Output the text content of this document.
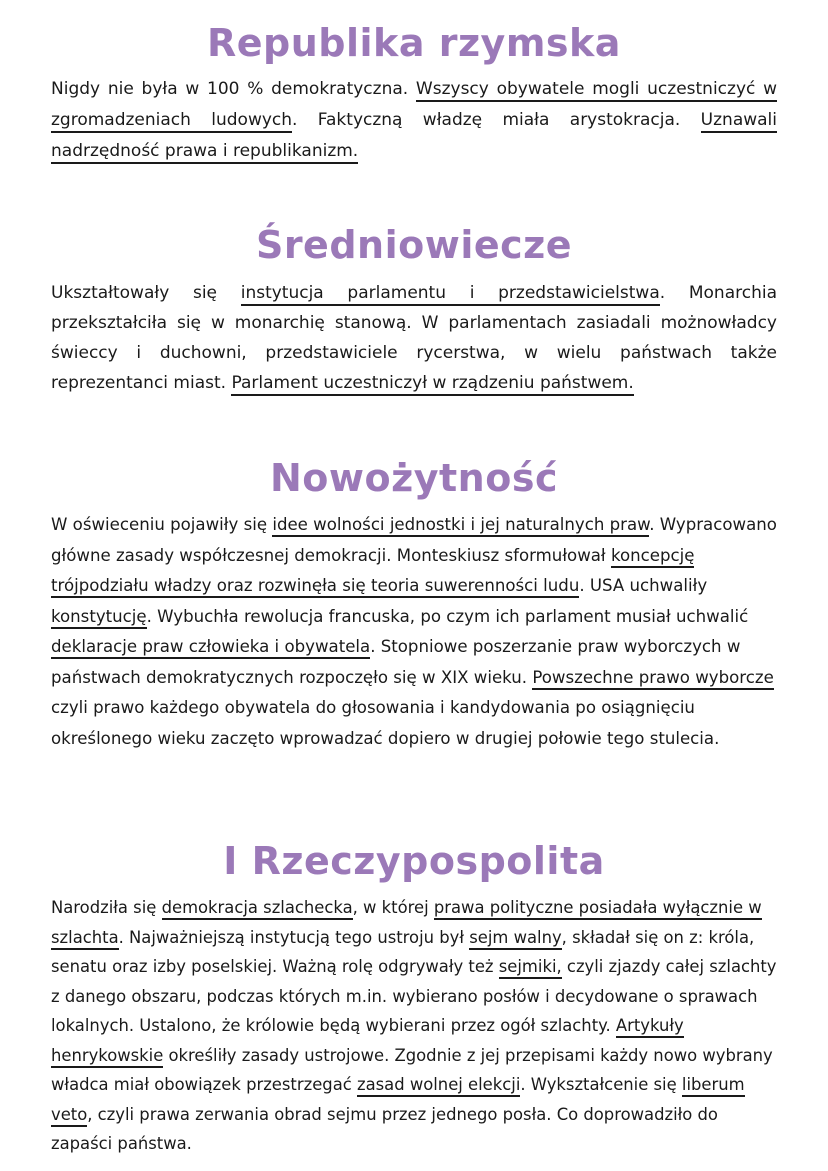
Republika rzymska

Nigdy nie była w 100 % demokratyczna. Wszyscy obywatele mogli uczestniczyć w zgromadzeniach ludowych. Faktyczną władzę miała arystokracja. Uznawali nadrzędność prawa i republikanizm.

Średniowiecze

Ukształtowały się instytucja parlamentu i przedstawicielstwa. Monarchia przekształciła się w monarchię stanową. W parlamentach zasiadali możnowładcy świeccy i duchowni, przedstawiciele rycerstwa, w wielu państwach także reprezentanci miast. Parlament uczestniczył w rządzeniu państwem.

Nowożytność

W oświeceniu pojawiły się idee wolności jednostki i jej naturalnych praw. Wypracowano główne zasady współczesnej demokracji. Monteskiusz sformułował koncepcję trójpodziału władzy oraz rozwinęła się teoria suwerenności ludu. USA uchwaliły konstytucję. Wybuchła rewolucja francuska, po czym ich parlament musiał uchwalić deklaracje praw człowieka i obywatela. Stopniowe poszerzanie praw wyborczych w państwach demokratycznych rozpoczęło się w XIX wieku. Powszechne prawo wyborcze czyli prawo każdego obywatela do głosowania i kandydowania po osiągnięciu określonego wieku zaczęto wprowadzać dopiero w drugiej połowie tego stulecia.

I Rzeczypospolita

Narodziła się demokracja szlachecka, w której prawa polityczne posiadała wyłącznie w szlachta. Najważniejszą instytucją tego ustroju był sejm walny, składał się on z: króla, senatu oraz izby poselskiej. Ważną rolę odgrywały też sejmiki, czyli zjazdy całej szlachty z danego obszaru, podczas których m.in. wybierano posłów i decydowane o sprawach lokalnych. Ustalono, że królowie będą wybierani przez ogół szlachty. Artykuły henrykowskie określiły zasady ustrojowe. Zgodnie z jej przepisami każdy nowo wybrany władca miał obowiązek przestrzegać zasad wolnej elekcji. Wykształcenie się liberum veto, czyli prawa zerwania obrad sejmu przez jednego posła. Co doprowadziło do zapaści państwa.
